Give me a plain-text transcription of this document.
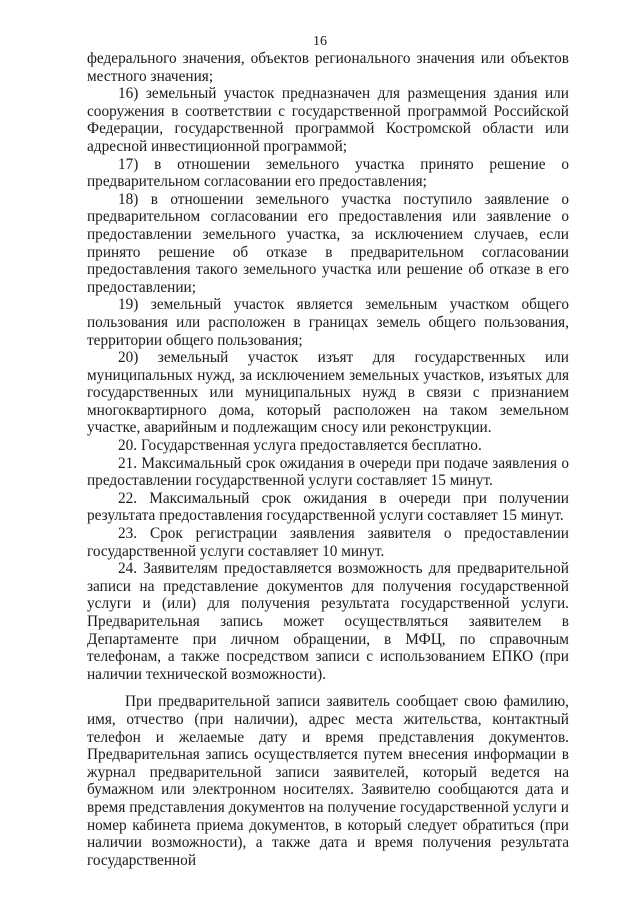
16

федерального значения, объектов регионального значения или объектов местного значения;

16) земельный участок предназначен для размещения здания или сооружения в соответствии с государственной программой Российской Федерации, государственной программой Костромской области или адресной инвестиционной программой;

17) в отношении земельного участка принято решение о предварительном согласовании его предоставления;

18) в отношении земельного участка поступило заявление о предварительном согласовании его предоставления или заявление о предоставлении земельного участка, за исключением случаев, если принято решение об отказе в предварительном согласовании предоставления такого земельного участка или решение об отказе в его предоставлении;

19) земельный участок является земельным участком общего пользования или расположен в границах земель общего пользования, территории общего пользования;

20) земельный участок изъят для государственных или муниципальных нужд, за исключением земельных участков, изъятых для государственных или муниципальных нужд в связи с признанием многоквартирного дома, который расположен на таком земельном участке, аварийным и подлежащим сносу или реконструкции.

20. Государственная услуга предоставляется бесплатно.

21. Максимальный срок ожидания в очереди при подаче заявления о предоставлении государственной услуги составляет 15 минут.

22. Максимальный срок ожидания в очереди при получении результата предоставления государственной услуги составляет 15 минут.

23. Срок регистрации заявления заявителя о предоставлении государственной услуги составляет 10 минут.

24. Заявителям предоставляется возможность для предварительной записи на представление документов для получения государственной услуги и (или) для получения результата государственной услуги. Предварительная запись может осуществляться заявителем в Департаменте при личном обращении, в МФЦ, по справочным телефонам, а также посредством записи с использованием ЕПКО (при наличии технической возможности).

При предварительной записи заявитель сообщает свою фамилию, имя, отчество (при наличии), адрес места жительства, контактный телефон и желаемые дату и время представления документов. Предварительная запись осуществляется путем внесения информации в журнал предварительной записи заявителей, который ведется на бумажном или электронном носителях. Заявителю сообщаются дата и время представления документов на получение государственной услуги и номер кабинета приема документов, в который следует обратиться (при наличии возможности), а также дата и время получения результата государственной
